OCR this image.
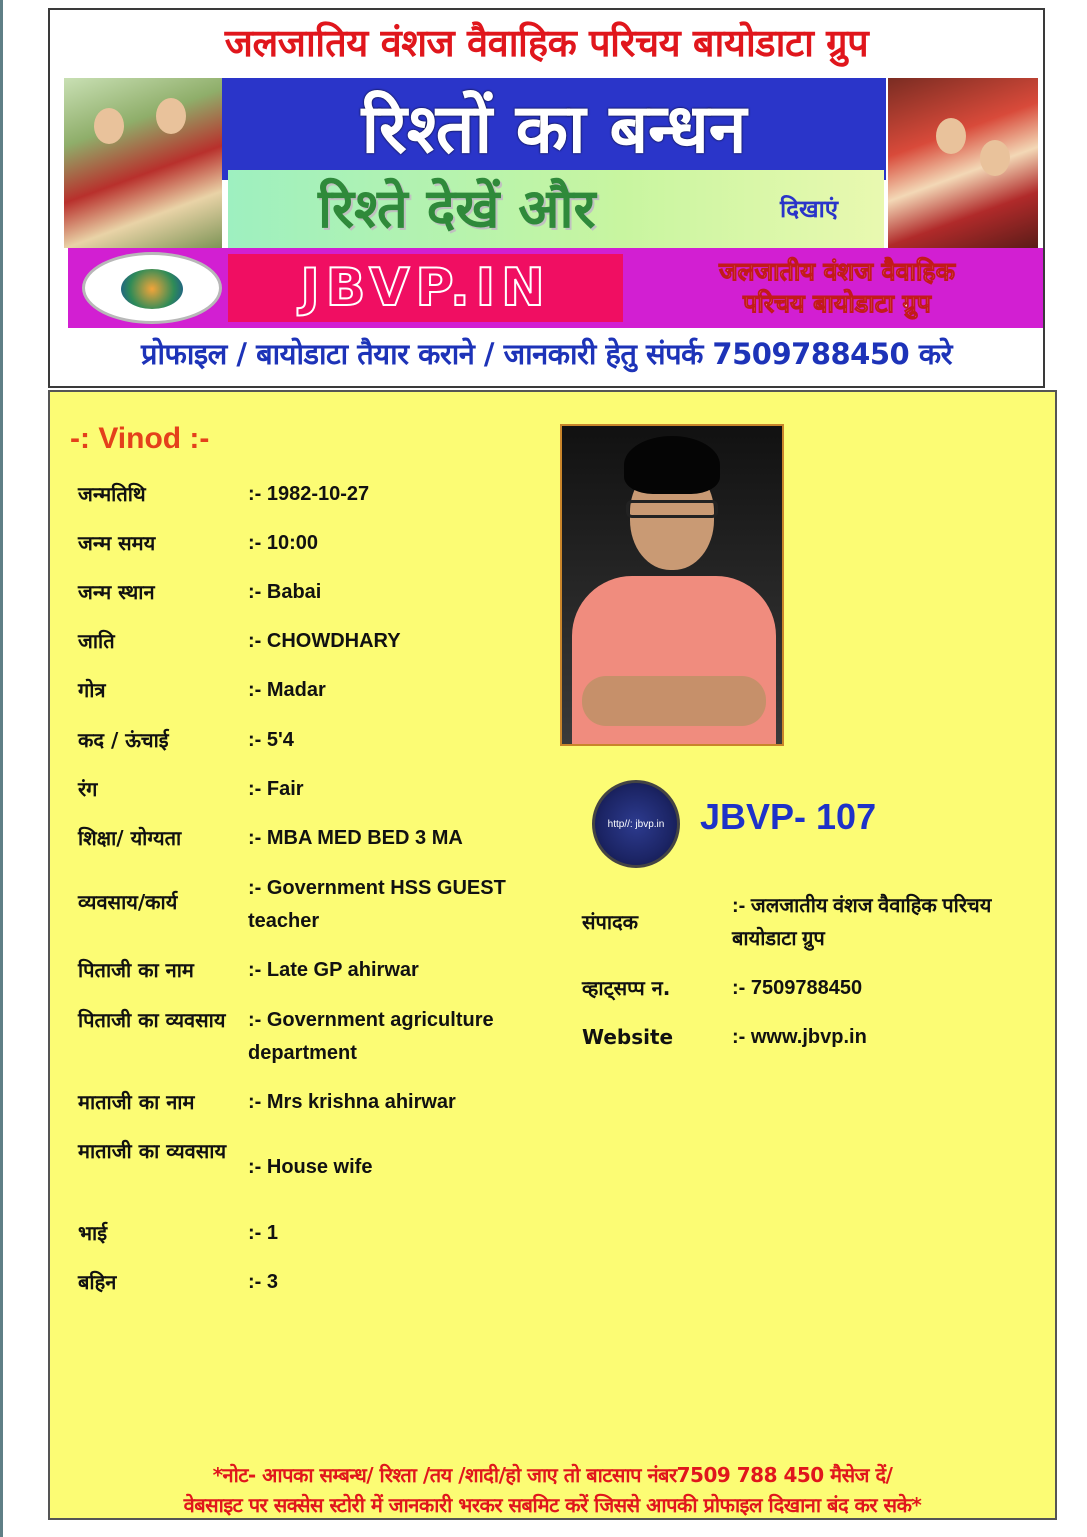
जलजातिय वंशज वैवाहिक परिचय बायोडाटा ग्रुप
रिश्तों का बन्धन
रिश्ते देखें और	दिखाएं
JBVP.IN	जलजातीय वंशज वैवाहिक
परिचय बायोडाटा ग्रुप
प्रोफाइल / बायोडाटा तैयार कराने / जानकारी हेतु संपर्क 7509788450 करे
-: Vinod :-
जन्मतिथि	:- 1982-10-27
जन्म समय	:- 10:00
जन्म स्थान	:- Babai
जाति	:- CHOWDHARY
गोत्र	:- Madar
कद / ऊंचाई	:- 5'4
रंग	:- Fair
शिक्षा/ योग्यता	:- MBA MED BED 3 MA
व्यवसाय/कार्य
:- Government HSS GUEST teacher
पिताजी का नाम	:- Late GP ahirwar
पिताजी का व्यवसाय	:- Government agriculture department
माताजी का नाम	:- Mrs krishna ahirwar
माताजी का व्यवसाय
:- House wife
भाई	:- 1
बहिन	:- 3
http//: jbvp.in JBVP- 107
संपादक
:- जलजातीय वंशज वैवाहिक परिचय बायोडाटा ग्रुप
व्हाट्सप्प न.	:- 7509788450
Website	:- www.jbvp.in
*नोट- आपका सम्बन्ध/ रिश्ता /तय /शादी/हो जाए तो बाटसाप नंबर7509 788 450 मैसेज दें/
वेबसाइट पर सक्सेस स्टोरी में जानकारी भरकर सबमिट करें जिससे आपकी प्रोफाइल दिखाना बंद कर सके*
